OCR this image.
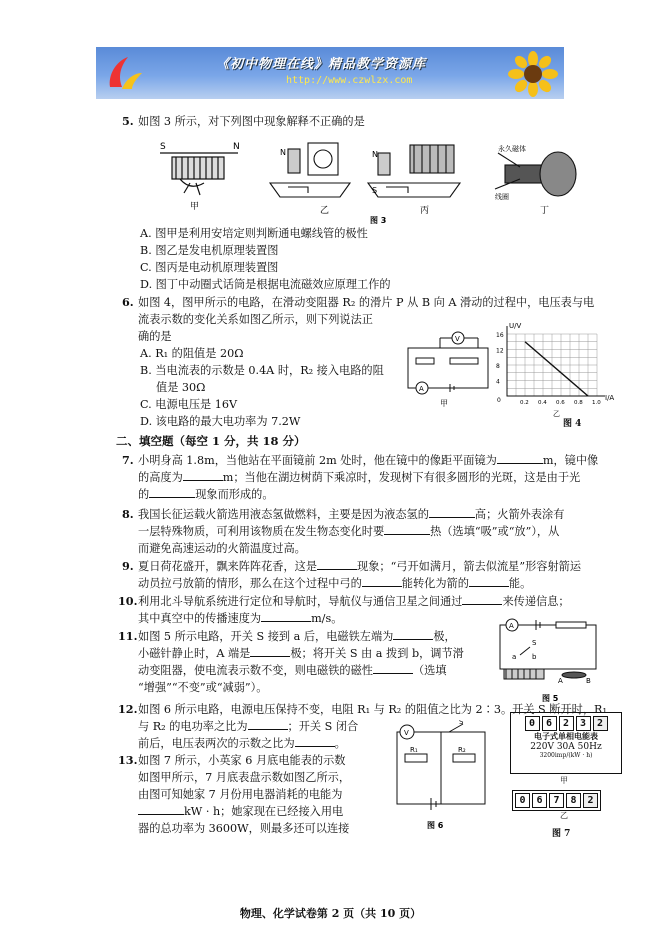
《初中物理在线》精品教学资源库
http://www.czwlzx.com
5. 如图 3 所示，对下列图中现象解释不正确的是
S	N
甲
N
乙
N
S
丙
永久磁体
线圈
丁
图 3
A. 图甲是利用安培定则判断通电螺线管的极性
B. 图乙是发电机原理装置图
C. 图丙是电动机原理装置图
D. 图丁中动圈式话筒是根据电流磁效应原理工作的
6. 如图 4，图甲所示的电路，在滑动变阻器 R₂ 的滑片 P 从 B 向 A 滑动的过程中，电压表与电
流表示数的变化关系如图乙所示，则下列说法正
确的是
A. R₁ 的阻值是 20Ω
B. 当电流表的示数是 0.4A 时，R₂ 接入电路的阻
值是 30Ω
C. 电源电压是 16V
D. 该电路的最大电功率为 7.2W
V
A
甲
U/V
I/A
0
乙
16
12
8
4
0.2 0.4 0.6 0.8 1.0
图 4
二、填空题（每空 1 分，共 18 分）
7. 小明身高 1.8m，当他站在平面镜前 2m 处时，他在镜中的像距平面镜为	m，镜中像
的高度为	m；当他在湖边树荫下乘凉时，发现树下有很多圆形的光斑，这是由于光
的	现象而形成的。
8. 我国长征运载火箭选用液态氢做燃料，主要是因为液态氢的	高；火箭外表涂有
一层特殊物质，可利用该物质在发生物态变化时要	热（选填“吸”或“放”），从
而避免高速运动的火箭温度过高。
9. 夏日荷花盛开，飘来阵阵花香，这是	现象；“弓开如满月，箭去似流星”形容射箭运
动员拉弓放箭的情形，那么在这个过程中弓的	能转化为箭的	能。
10.利用北斗导航系统进行定位和导航时，导航仪与通信卫星之间通过	来传递信息；
其中真空中的传播速度为	m/s。
11.如图 5 所示电路，开关 S 接到 a 后，电磁铁左端为	极，
小磁针静止时，A 端是	极；将开关 S 由 a 拨到 b，调节滑
动变阻器，使电流表示数不变，则电磁铁的磁性	（选填
“增强”“不变”或“减弱”）。
A
S
a b
A	B
图 5
12.如图 6 所示电路，电源电压保持不变，电阻 R₁ 与 R₂ 的阻值之比为 2∶3。开关 S 断开时，R₁
与 R₂ 的电功率之比为	；开关 S 闭合
前后，电压表两次的示数之比为	。
13.如图 7 所示，小英家 6 月底电能表的示数
如图甲所示，7 月底表盘示数如图乙所示，
由图可知她家 7 月份用电器消耗的电能为
kW · h；她家现在已经接入用电
器的总功率为 3600W，则最多还可以连接
V
S
R₁	R₂
图 6
0	6	2	3	2
电子式单相电能表
220V 30A 50Hz
3200imp/(kW · h)
甲
0	6	7	8	2
乙
图 7
物理、化学试卷第 2 页（共 10 页）
